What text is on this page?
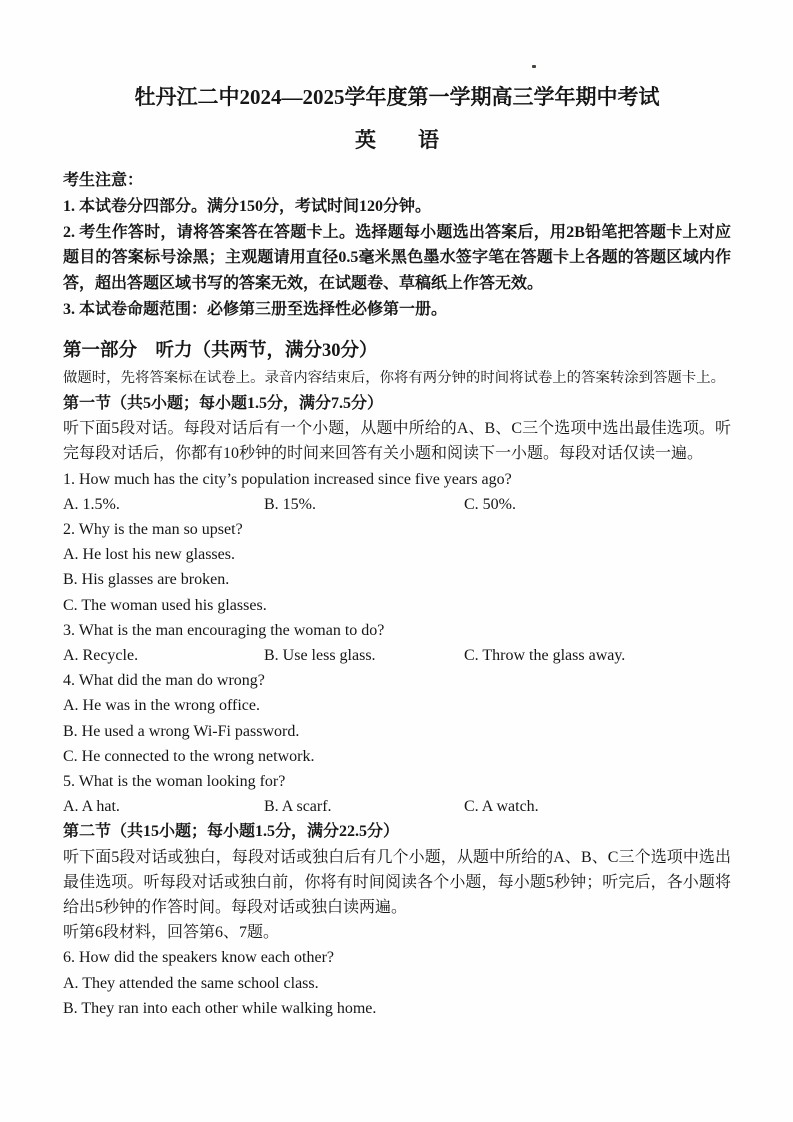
牡丹江二中2024—2025学年度第一学期高三学年期中考试
英　　语

考生注意：

1. 本试卷分四部分。满分150分，考试时间120分钟。

2. 考生作答时，请将答案答在答题卡上。选择题每小题选出答案后，用2B铅笔把答题卡上对应题目的答案标号涂黑；主观题请用直径0.5毫米黑色墨水签字笔在答题卡上各题的答题区域内作答，超出答题区域书写的答案无效，在试题卷、草稿纸上作答无效。

3. 本试卷命题范围：必修第三册至选择性必修第一册。

第一部分　听力（共两节，满分30分）

做题时，先将答案标在试卷上。录音内容结束后，你将有两分钟的时间将试卷上的答案转涂到答题卡上。

第一节（共5小题；每小题1.5分，满分7.5分）

听下面5段对话。每段对话后有一个小题，从题中所给的A、B、C三个选项中选出最佳选项。听完每段对话后，你都有10秒钟的时间来回答有关小题和阅读下一小题。每段对话仅读一遍。

1. How much has the city’s population increased since five years ago?
A. 1.5%.	B. 15%.	C. 50%.
2. Why is the man so upset?
A. He lost his new glasses.
B. His glasses are broken.
C. The woman used his glasses.
3. What is the man encouraging the woman to do?
A. Recycle.	B. Use less glass.	C. Throw the glass away.
4. What did the man do wrong?
A. He was in the wrong office.
B. He used a wrong Wi-Fi password.
C. He connected to the wrong network.
5. What is the woman looking for?
A. A hat.	B. A scarf.	C. A watch.

第二节（共15小题；每小题1.5分，满分22.5分）

听下面5段对话或独白，每段对话或独白后有几个小题，从题中所给的A、B、C三个选项中选出最佳选项。听每段对话或独白前，你将有时间阅读各个小题，每小题5秒钟；听完后，各小题将给出5秒钟的作答时间。每段对话或独白读两遍。

听第6段材料，回答第6、7题。

6. How did the speakers know each other?
A. They attended the same school class.
B. They ran into each other while walking home.
